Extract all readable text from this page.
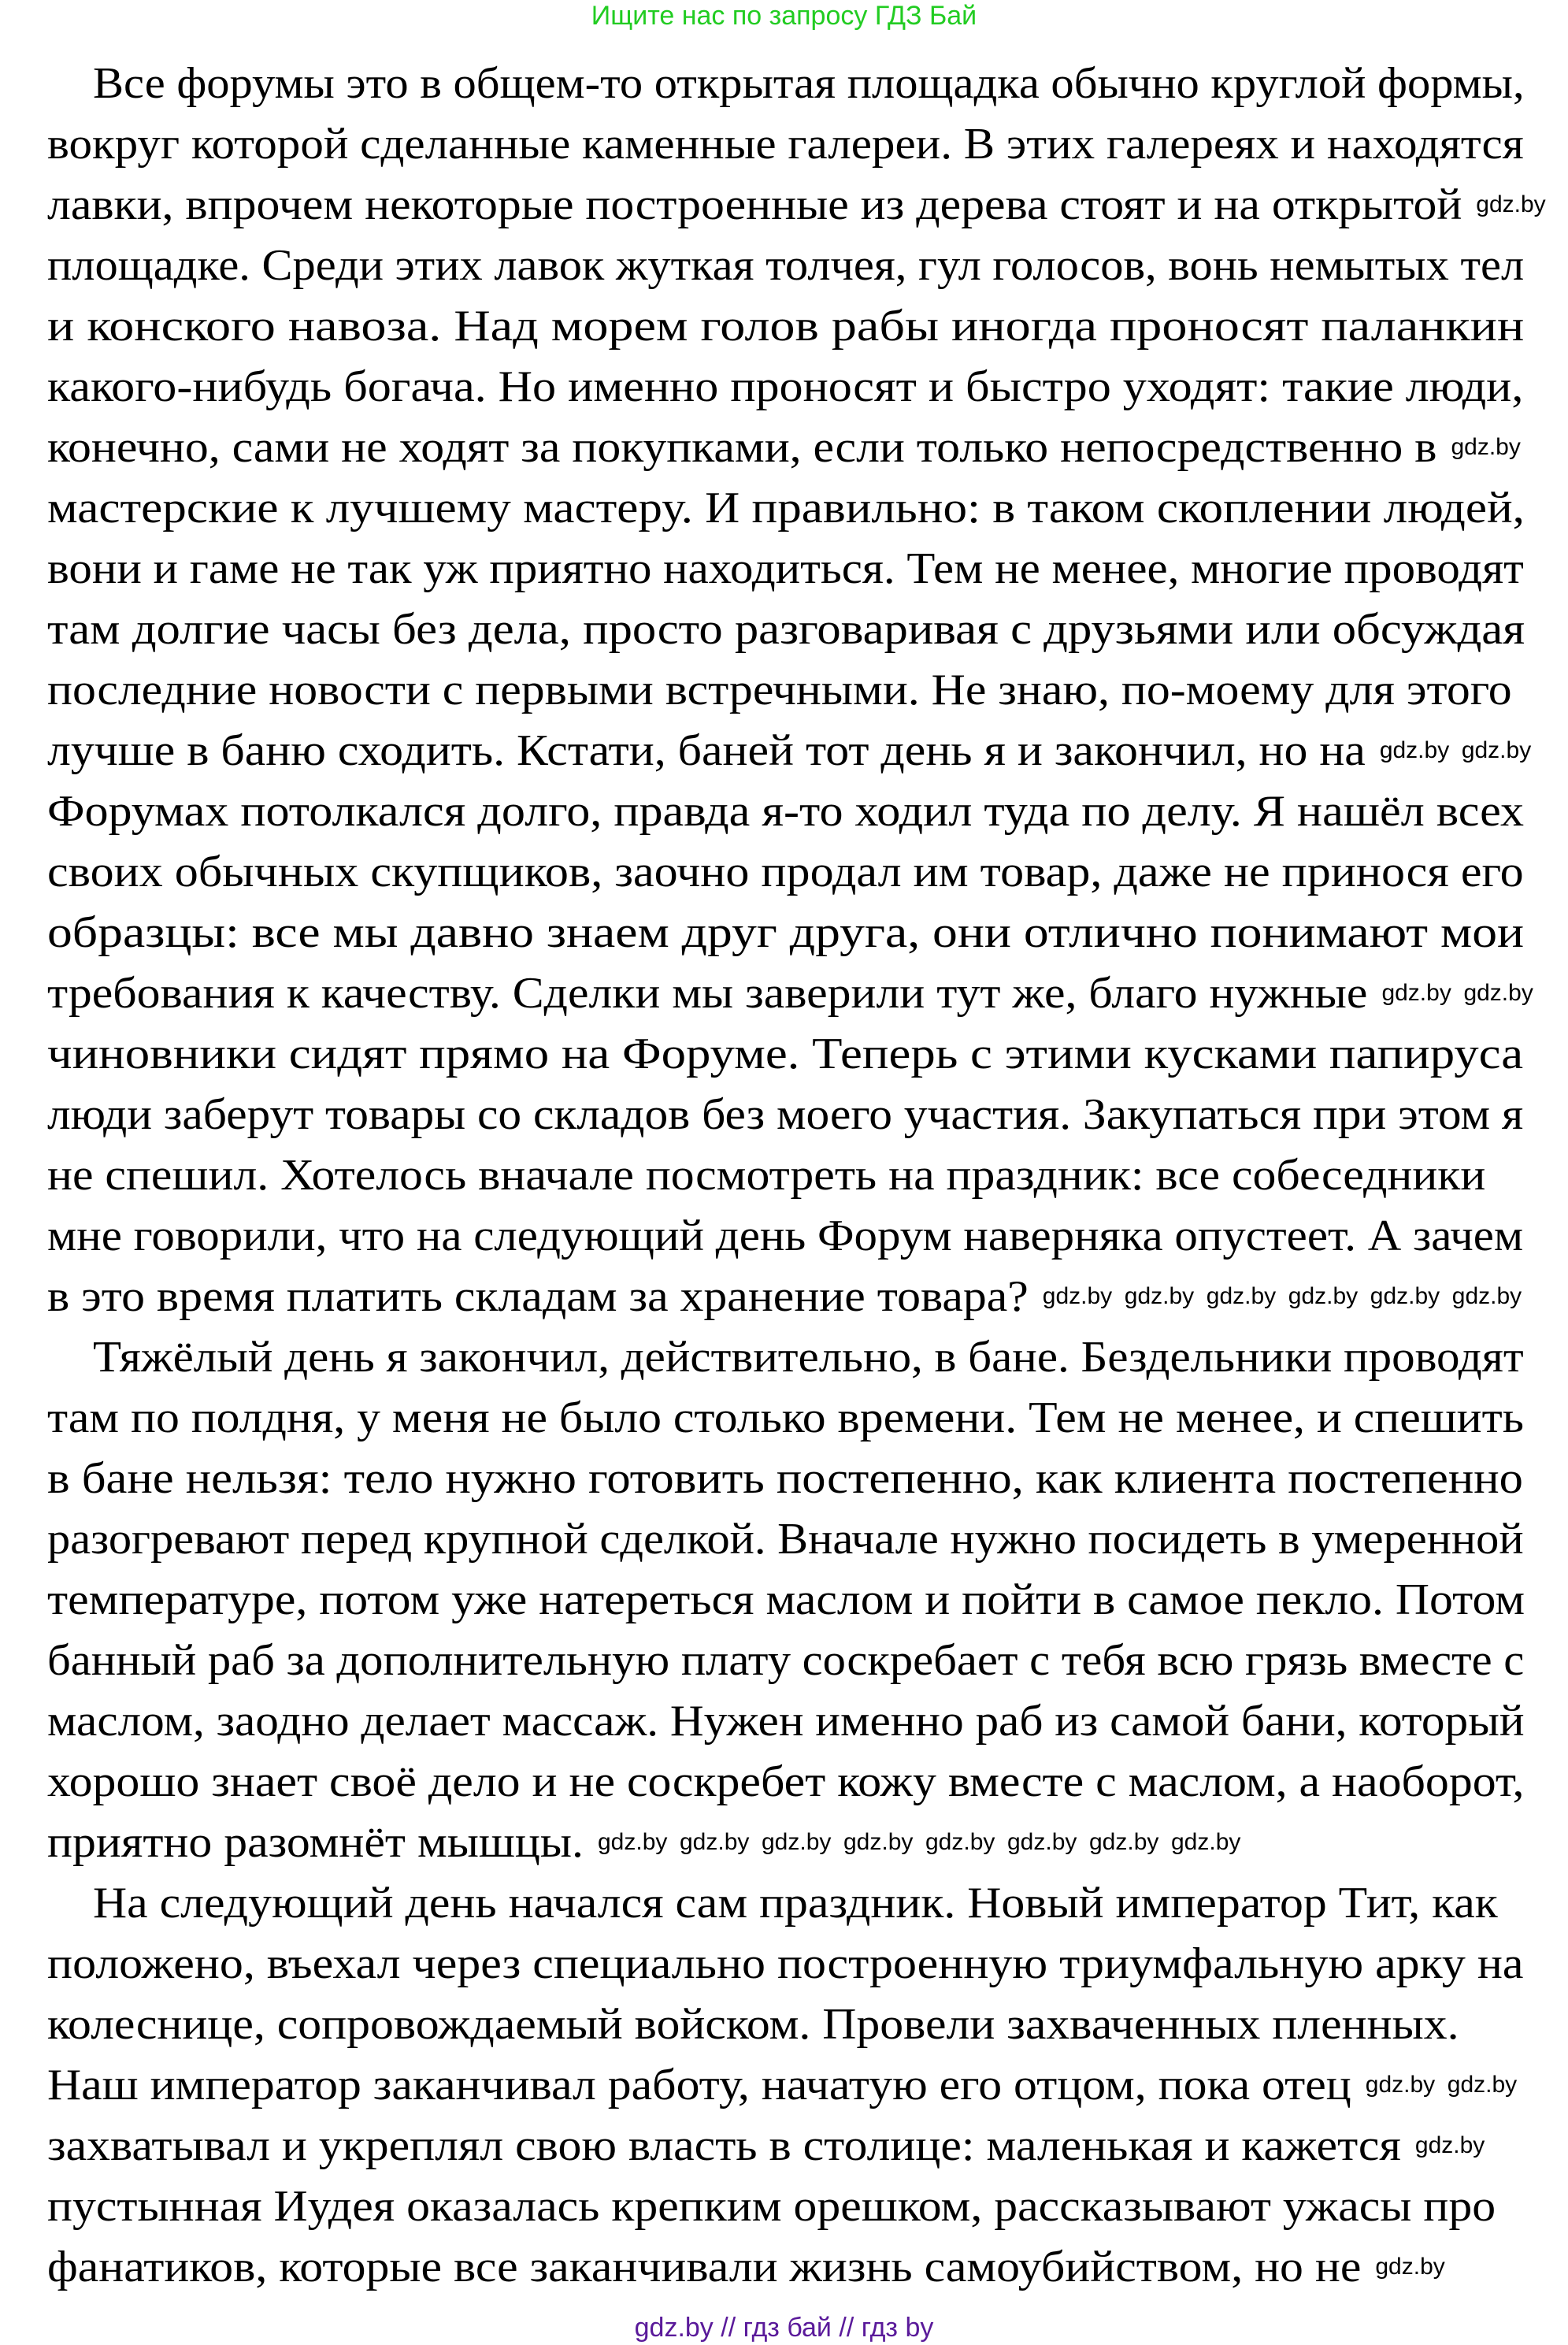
Ищите нас по запросу ГДЗ Бай
Все форумы это в общем-то открытая площадка обычно круглой формы,
вокруг которой сделанные каменные галереи. В этих галереях и находятся
лавки, впрочем некоторые построенные из дерева стоят и на открытой
площадке. Среди этих лавок жуткая толчея, гул голосов, вонь немытых тел
и конского навоза. Над морем голов рабы иногда проносят паланкин
какого-нибудь богача. Но именно проносят и быстро уходят: такие люди,
конечно, сами не ходят за покупками, если только непосредственно в
мастерские к лучшему мастеру. И правильно: в таком скоплении людей,
вони и гаме не так уж приятно находиться. Тем не менее, многие проводят
там долгие часы без дела, просто разговаривая с друзьями или обсуждая
последние новости с первыми встречными. Не знаю, по-моему для этого
лучше в баню сходить. Кстати, баней тот день я и закончил, но на
Форумах потолкался долго, правда я-то ходил туда по делу. Я нашёл всех
своих обычных скупщиков, заочно продал им товар, даже не принося его
образцы: все мы давно знаем друг друга, они отлично понимают мои
требования к качеству. Сделки мы заверили тут же, благо нужные
чиновники сидят прямо на Форуме. Теперь с этими кусками папируса
люди заберут товары со складов без моего участия. Закупаться при этом я
не спешил. Хотелось вначале посмотреть на праздник: все собеседники
мне говорили, что на следующий день Форум наверняка опустеет. А зачем
в это время платить складам за хранение товара?
Тяжёлый день я закончил, действительно, в бане. Бездельники проводят
там по полдня, у меня не было столько времени. Тем не менее, и спешить
в бане нельзя: тело нужно готовить постепенно, как клиента постепенно
разогревают перед крупной сделкой. Вначале нужно посидеть в умеренной
температуре, потом уже натереться маслом и пойти в самое пекло. Потом
банный раб за дополнительную плату соскребает с тебя всю грязь вместе с
маслом, заодно делает массаж. Нужен именно раб из самой бани, который
хорошо знает своё дело и не соскребет кожу вместе с маслом, а наоборот,
приятно разомнёт мышцы.
На следующий день начался сам праздник. Новый император Тит, как
положено, въехал через специально построенную триумфальную арку на
колеснице, сопровождаемый войском. Провели захваченных пленных.
Наш император заканчивал работу, начатую его отцом, пока отец
захватывал и укреплял свою власть в столице: маленькая и кажется
пустынная Иудея оказалась крепким орешком, рассказывают ужасы про
фанатиков, которые все заканчивали жизнь самоубийством, но не
gdz.by
gdz.by
gdz.by gdz.by
gdz.by gdz.by
gdz.by gdz.by gdz.by gdz.by gdz.by gdz.by
gdz.by gdz.by gdz.by gdz.by gdz.by gdz.by gdz.by gdz.by
gdz.by gdz.by
gdz.by
gdz.by
gdz.by // гдз бай // гдз by
